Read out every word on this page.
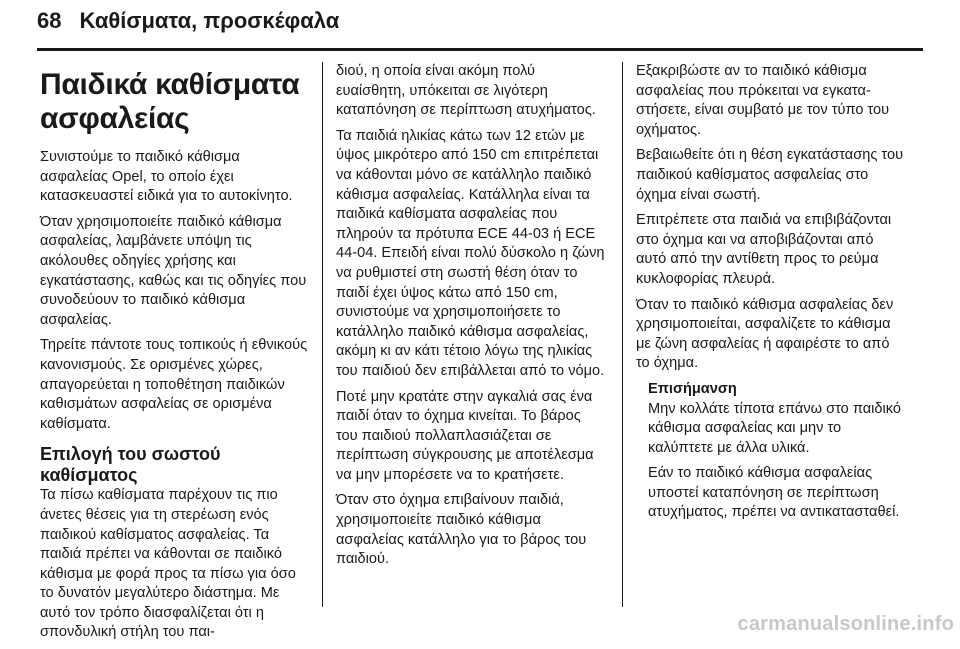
68 Καθίσματα, προσκέφαλα
Παιδικά καθίσματα
ασφαλείας

Συνιστούμε το παιδικό κάθισμα ασφαλείας Opel, το οποίο έχει κατασκευαστεί ειδικά για το αυτοκίνητο.

Όταν χρησιμοποιείτε παιδικό κάθισμα ασφαλείας, λαμβάνετε υπόψη τις ακόλουθες οδηγίες χρήσης και εγκατάστασης, καθώς και τις οδηγίες που συνοδεύουν το παιδικό κάθισμα ασφαλείας.

Τηρείτε πάντοτε τους τοπικούς ή εθνικούς κανονισμούς. Σε ορισμένες χώρες, απαγορεύεται η τοποθέτηση παιδικών καθισμάτων ασφαλείας σε ορισμένα καθίσματα.

Επιλογή του σωστού
καθίσματος

Τα πίσω καθίσματα παρέχουν τις πιο άνετες θέσεις για τη στερέωση ενός παιδικού καθίσματος ασφαλείας. Τα παιδιά πρέπει να κάθονται σε παιδικό κάθισμα με φορά προς τα πίσω για όσο το δυνατόν μεγαλύτερο διάστημα. Με αυτό τον τρόπο διασφαλίζεται ότι η σπονδυλική στήλη του παι-

διού, η οποία είναι ακόμη πολύ ευαίσθητη, υπόκειται σε λιγότερη καταπόνηση σε περίπτωση ατυχήματος.

Τα παιδιά ηλικίας κάτω των 12 ετών με ύψος μικρότερο από 150 cm επιτρέπεται να κάθονται μόνο σε κατάλληλο παιδικό κάθισμα ασφαλείας. Κατάλληλα είναι τα παιδικά καθίσματα ασφαλείας που πληρούν τα πρότυπα ECE 44-03 ή ECE 44-04. Επειδή είναι πολύ δύσκολο η ζώνη να ρυθμιστεί στη σωστή θέση όταν το παιδί έχει ύψος κάτω από 150 cm, συνιστούμε να χρησιμοποιήσετε το κατάλληλο παιδικό κάθισμα ασφαλείας, ακόμη κι αν κάτι τέτοιο λόγω της ηλικίας του παιδιού δεν επιβάλλεται από το νόμο.

Ποτέ μην κρατάτε στην αγκαλιά σας ένα παιδί όταν το όχημα κινείται. Το βάρος του παιδιού πολλαπλασιάζεται σε περίπτωση σύγκρουσης με αποτέλεσμα να μην μπορέσετε να το κρατήσετε.

Όταν στο όχημα επιβαίνουν παιδιά, χρησιμοποιείτε παιδικό κάθισμα ασφαλείας κατάλληλο για το βάρος του παιδιού.

Εξακριβώστε αν το παιδικό κάθισμα ασφαλείας που πρόκειται να εγκαταστήσετε, είναι συμβατό με τον τύπο του οχήματος.

Βεβαιωθείτε ότι η θέση εγκατάστασης του παιδικού καθίσματος ασφαλείας στο όχημα είναι σωστή.

Επιτρέπετε στα παιδιά να επιβιβάζονται στο όχημα και να αποβιβάζονται από αυτό από την αντίθετη προς το ρεύμα κυκλοφορίας πλευρά.

Όταν το παιδικό κάθισμα ασφαλείας δεν χρησιμοποιείται, ασφαλίζετε το κάθισμα με ζώνη ασφαλείας ή αφαιρέστε το από το όχημα.

Επισήμανση

Μην κολλάτε τίποτα επάνω στο παιδικό κάθισμα ασφαλείας και μην το καλύπτετε με άλλα υλικά.

Εάν το παιδικό κάθισμα ασφαλείας υποστεί καταπόνηση σε περίπτωση ατυχήματος, πρέπει να αντικατασταθεί.

carmanualsonline.info
